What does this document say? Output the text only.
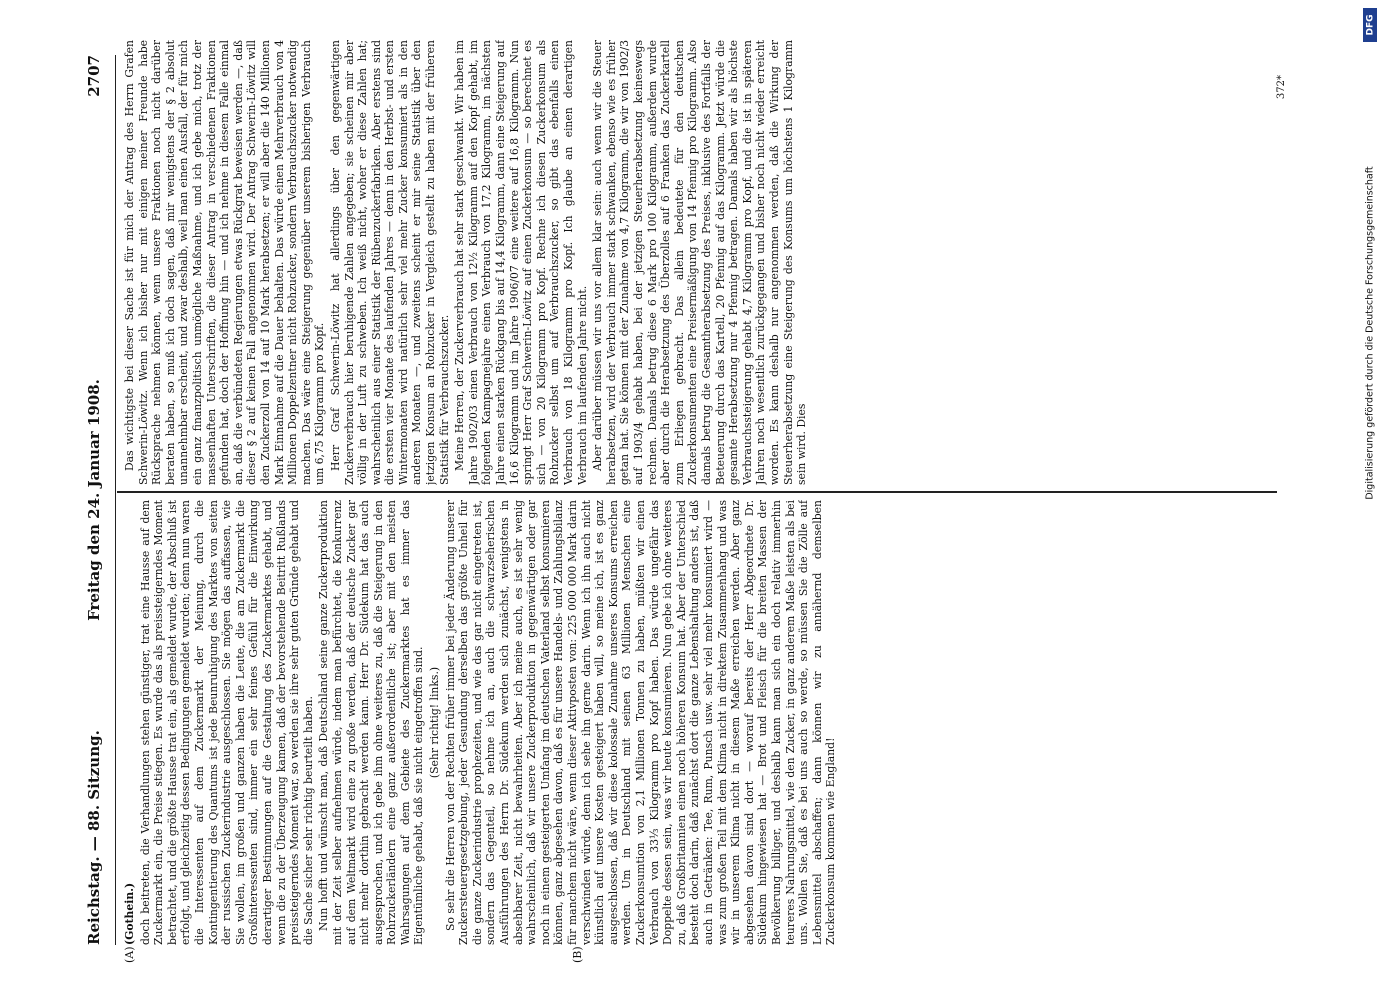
Reichstag. — 88. Sitzung.
Freitag den 24. Januar 1908.
2707
(A)	(B)

(Gothein.) doch beitreten, die Verhandlungen stehen günstiger, trat eine Hausse auf dem Zuckermarkt ein, die Preise stiegen. Es wurde das als preissteigerndes Moment betrachtet, und die größte Hausse trat ein, als gemeldet wurde, der Abschluß ist erfolgt, und gleichzeitig dessen Bedingungen gemeldet wurden; denn nun waren die Interessenten auf dem Zuckermarkt der Meinung, durch die Kontingentierung des Quantums ist jede Beunruhigung des Marktes von seiten der russischen Zuckerindustrie ausgeschlossen. Sie mögen das auffassen, wie Sie wollen, im großen und ganzen haben die Leute, die am Zuckermarkt die Großinteressenten sind, immer ein sehr feines Gefühl für die Einwirkung derartiger Bestimmungen auf die Gestaltung des Zuckermarktes gehabt, und wenn die zu der Überzeugung kamen, daß der bevorstehende Beitritt Rußlands preissteigerndes Moment war, so werden sie ihre sehr guten Gründe gehabt und die Sache sicher sehr richtig beurteilt haben. Nun hofft und wünscht man, daß Deutschland seine ganze Zuckerproduktion mit der Zeit selber aufnehmen würde, indem man befürchtet, die Konkurrenz auf dem Weltmarkt wird eine zu große werden, daß der deutsche Zucker gar nicht mehr dorthin gebracht werden kann. Herr Dr. Südekum hat das auch ausgesprochen, und ich gebe ihm ohne weiteres zu, daß die Steigerung in den Rohrzuckerländern eine ganz außerordentliche ist; aber mit den meisten Wahrsagungen auf dem Gebiete des Zuckermarktes hat es immer das Eigentümliche gehabt, daß sie nicht eingetroffen sind. (Sehr richtig! links.) So sehr die Herren von der Rechten früher immer bei jeder Änderung unserer Zuckersteuergesetzgebung, jeder Gesundung derselben das größte Unheil für die ganze Zuckerindustrie prophezeiten, und wie das gar nicht eingetreten ist, sondern das Gegenteil, so nehme ich an, auch die schwarzseherischen Ausführungen des Herrn Dr. Südekum werden sich zunächst, wenigstens in absehbarer Zeit, nicht bewahrheiten. Aber ich meine auch, es ist sehr wenig wahrscheinlich, daß wir unsere Zuckerproduktion in gegenwärtigen oder gar noch in einem gesteigerten Umfang im deutschen Vaterland selbst konsumieren können, ganz abgesehen davon, daß es für unsere Handels- und Zahlungsbilanz für manchem nicht wäre, wenn dieser Aktivposten von: 225 000 000 Mark darin verschwinden würde, denn ich sehe ihn gerne darin. Wenn ich ihn auch nicht künstlich auf unsere Kosten gesteigert haben will, so meine ich, ist es ganz ausgeschlossen, daß wir diese kolossale Zunahme unseres Konsums erreichen werden. Um in Deutschland mit seinen 63 Millionen Menschen eine Zuckerkonsumtion von 2,1 Millionen Tonnen zu haben, müßten wir einen Verbrauch von 33⅓ Kilogramm pro Kopf haben. Das würde ungefähr das Doppelte dessen sein, was wir heute konsumieren. Nun gebe ich ohne weiteres zu, daß Großbritannien einen noch höheren Konsum hat. Aber der Unterschied besteht doch darin, daß zunächst dort die ganze Lebenshaltung anders ist, daß auch in Getränken: Tee, Rum, Punsch usw. sehr viel mehr konsumiert wird — was zum großen Teil mit dem Klima nicht in direktem Zusammenhang und was wir in unserem Klima nicht in diesem Maße erreichen werden. Aber ganz abgesehen davon sind dort — worauf bereits der Herr Abgeordnete Dr. Südekum hingewiesen hat — Brot und Fleisch für die breiten Massen der Bevölkerung billiger, und deshalb kann man sich ein doch relativ immerhin teureres Nahrungsmittel, wie den Zucker, in ganz anderem Maße leisten als bei uns. Wollen Sie, daß es bei uns auch so werde, so müssen Sie die Zölle auf Lebensmittel abschaffen; dann können wir zu annähernd demselben Zuckerkonsum kommen wie England!

Das wichtigste bei dieser Sache ist für mich der Antrag des Herrn Grafen Schwerin-Löwitz. Wenn ich bisher nur mit einigen meiner Freunde habe Rücksprache nehmen können, wenn unsere Fraktionen noch nicht darüber beraten haben, so muß ich doch sagen, daß mir wenigstens der § 2 absolut unannehmbar erscheint, und zwar deshalb, weil man einen Ausfall, der für mich ein ganz finanzpolitisch unmögliche Maßnahme, und ich gebe mich, trotz der massenhaften Unterschriften, die dieser Antrag in verschiedenen Fraktionen gefunden hat, doch der Hoffnung hin — und ich nehme in diesem Falle einmal an, daß die verbündeten Regierungen etwas Rückgrat beweisen werden —, daß dieser § 2 auf keinen Fall angenommen wird. Der Antrag Schwerin-Löwitz will den Zuckerzoll von 14 auf 10 Mark herabsetzen; er will aber die 140 Millionen Mark Einnahme auf die Dauer behalten. Das würde einen Mehrverbrauch von 4 Millionen Doppelzentner nicht Rohzucker, sondern Verbrauchszucker notwendig machen. Das wäre eine Steigerung gegenüber unserem bisherigen Verbrauch um 6,75 Kilogramm pro Kopf. Herr Graf Schwerin-Löwitz hat allerdings über den gegenwärtigen Zuckerverbrauch hier beruhigende Zahlen angegeben; sie scheinen mir aber völlig in der Luft zu schweben. Ich weiß nicht, woher er diese Zahlen hat; wahrscheinlich aus einer Statistik der Rübenzuckerfabriken. Aber erstens sind die ersten vier Monate des laufenden Jahres — denn in den Herbst- und ersten Wintermonaten wird natürlich sehr viel mehr Zucker konsumiert als in den anderen Monaten —, und zweitens scheint er mir seine Statistik über den jetzigen Konsum an Rohzucker in Vergleich gestellt zu haben mit der früheren Statistik für Verbrauchszucker. Meine Herren, der Zuckerverbrauch hat sehr stark geschwankt. Wir haben im Jahre 1902/03 einen Verbrauch von 12½ Kilogramm auf den Kopf gehabt, im folgenden Kampagnejahre einen Verbrauch von 17,2 Kilogramm, im nächsten Jahre einen starken Rückgang bis auf 14,4 Kilogramm, dann eine Steigerung auf 16,6 Kilogramm und im Jahre 1906/07 eine weitere auf 16,8 Kilogramm. Nun springt Herr Graf Schwerin-Löwitz auf einen Zuckerkonsum — so berechnet es sich — von 20 Kilogramm pro Kopf. Rechne ich diesen Zuckerkonsum als Rohzucker selbst um auf Verbrauchszucker, so gibt das ebenfalls einen Verbrauch von 18 Kilogramm pro Kopf. Ich glaube an einen derartigen Verbrauch im laufenden Jahre nicht. Aber darüber müssen wir uns vor allem klar sein: auch wenn wir die Steuer herabsetzen, wird der Verbrauch immer stark schwanken, ebenso wie es früher getan hat. Sie können mit der Zunahme von 4,7 Kilogramm, die wir von 1902/3 auf 1903/4 gehabt haben, bei der jetzigen Steuerherabsetzung keineswegs rechnen. Damals betrug diese 6 Mark pro 100 Kilogramm, außerdem wurde aber durch die Herabsetzung des Überzolles auf 6 Franken das Zuckerkartell zum Erliegen gebracht. Das allein bedeutete für den deutschen Zuckerkonsumenten eine Preisermäßigung von 14 Pfennig pro Kilogramm. Also damals betrug die Gesamtherabsetzung des Preises, inklusive des Fortfalls der Beteuerung durch das Kartell, 20 Pfennig auf das Kilogramm. Jetzt würde die gesamte Herabsetzung nur 4 Pfennig betragen. Damals haben wir als höchste Verbrauchssteigerung gehabt 4,7 Kilogramm pro Kopf, und die ist in späteren Jahren noch wesentlich zurückgegangen und bisher noch nicht wieder erreicht worden. Es kann deshalb nur angenommen werden, daß die Wirkung der Steuerherabsetzung eine Steigerung des Konsums um höchstens 1 Kilogramm sein wird. Dies

372*
DFG
Digitalisierung gefördert durch die Deutsche Forschungsgemeinschaft
